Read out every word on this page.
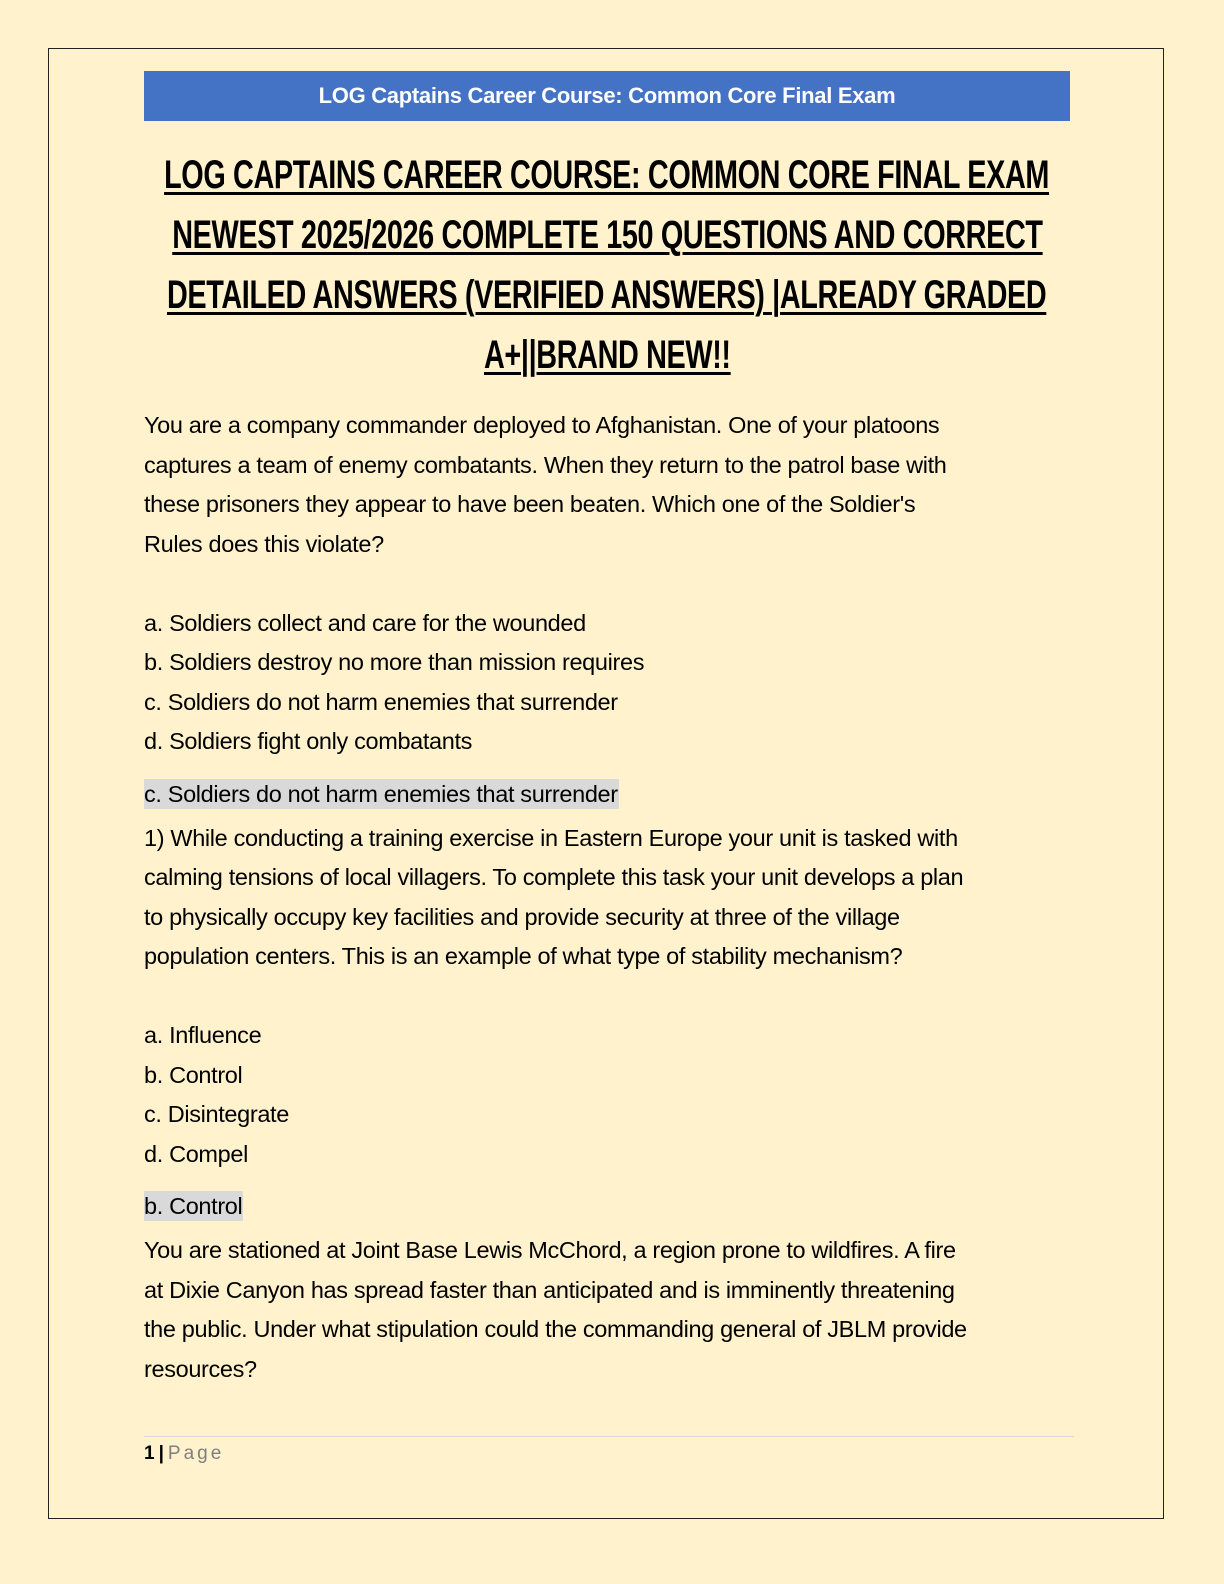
LOG Captains Career Course: Common Core Final Exam
LOG CAPTAINS CAREER COURSE: COMMON CORE FINAL EXAM
NEWEST 2025/2026 COMPLETE 150 QUESTIONS AND CORRECT
DETAILED ANSWERS (VERIFIED ANSWERS) |ALREADY GRADED
A+||BRAND NEW!!

You are a company commander deployed to Afghanistan. One of your platoons
captures a team of enemy combatants. When they return to the patrol base with
these prisoners they appear to have been beaten. Which one of the Soldier's
Rules does this violate?

a. Soldiers collect and care for the wounded
b. Soldiers destroy no more than mission requires
c. Soldiers do not harm enemies that surrender
d. Soldiers fight only combatants
c. Soldiers do not harm enemies that surrender

1) While conducting a training exercise in Eastern Europe your unit is tasked with
calming tensions of local villagers. To complete this task your unit develops a plan
to physically occupy key facilities and provide security at three of the village
population centers. This is an example of what type of stability mechanism?

a. Influence
b. Control
c. Disintegrate
d. Compel
b. Control

You are stationed at Joint Base Lewis McChord, a region prone to wildfires. A fire
at Dixie Canyon has spread faster than anticipated and is imminently threatening
the public. Under what stipulation could the commanding general of JBLM provide
resources?

1 | Page
